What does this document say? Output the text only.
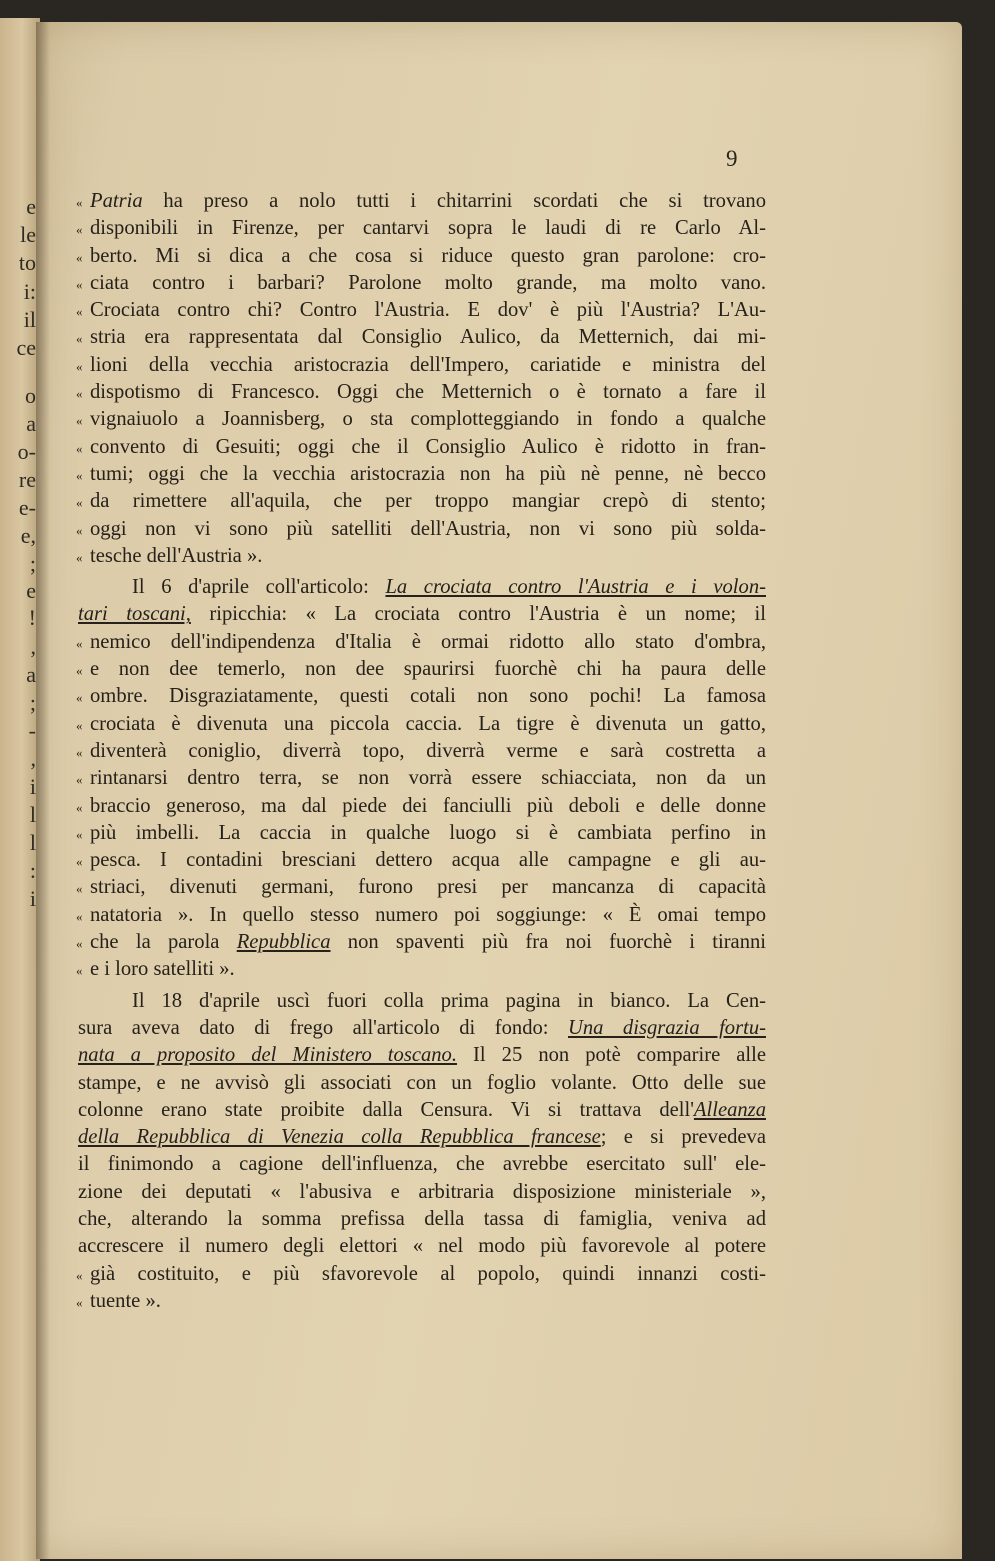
e
le
to
i:
il
ce
o
a
o-
re
e-
e,
;
e
!
,
a
;
-
,
i
l
l
:
i
9
« Patria ha preso a nolo tutti i chitarrini scordati che si trovano
« disponibili in Firenze, per cantarvi sopra le laudi di re Carlo Al-
« berto. Mi si dica a che cosa si riduce questo gran parolone: cro-
« ciata contro i barbari? Parolone molto grande, ma molto vano.
« Crociata contro chi? Contro l'Austria. E dov' è più l'Austria? L'Au-
« stria era rappresentata dal Consiglio Aulico, da Metternich, dai mi-
« lioni della vecchia aristocrazia dell'Impero, cariatide e ministra del
« dispotismo di Francesco. Oggi che Metternich o è tornato a fare il
« vignaiuolo a Joannisberg, o sta complotteggiando in fondo a qualche
« convento di Gesuiti; oggi che il Consiglio Aulico è ridotto in fran-
« tumi; oggi che la vecchia aristocrazia non ha più nè penne, nè becco
« da rimettere all'aquila, che per troppo mangiar crepò di stento;
« oggi non vi sono più satelliti dell'Austria, non vi sono più solda-
« tesche dell'Austria ».
Il 6 d'aprile coll'articolo: La crociata contro l'Austria e i volon-
tari toscani, ripicchia: « La crociata contro l'Austria è un nome; il
« nemico dell'indipendenza d'Italia è ormai ridotto allo stato d'ombra,
« e non dee temerlo, non dee spaurirsi fuorchè chi ha paura delle
« ombre. Disgraziatamente, questi cotali non sono pochi! La famosa
« crociata è divenuta una piccola caccia. La tigre è divenuta un gatto,
« diventerà coniglio, diverrà topo, diverrà verme e sarà costretta a
« rintanarsi dentro terra, se non vorrà essere schiacciata, non da un
« braccio generoso, ma dal piede dei fanciulli più deboli e delle donne
« più imbelli. La caccia in qualche luogo si è cambiata perfino in
« pesca. I contadini bresciani dettero acqua alle campagne e gli au-
« striaci, divenuti germani, furono presi per mancanza di capacità
« natatoria ». In quello stesso numero poi soggiunge: « È omai tempo
« che la parola Repubblica non spaventi più fra noi fuorchè i tiranni
« e i loro satelliti ».
Il 18 d'aprile uscì fuori colla prima pagina in bianco. La Cen-
sura aveva dato di frego all'articolo di fondo: Una disgrazia fortu-
nata a proposito del Ministero toscano. Il 25 non potè comparire alle
stampe, e ne avvisò gli associati con un foglio volante. Otto delle sue
colonne erano state proibite dalla Censura. Vi si trattava dell'Alleanza
della Repubblica di Venezia colla Repubblica francese; e si prevedeva
il finimondo a cagione dell'influenza, che avrebbe esercitato sull' ele-
zione dei deputati « l'abusiva e arbitraria disposizione ministeriale »,
che, alterando la somma prefissa della tassa di famiglia, veniva ad
accrescere il numero degli elettori « nel modo più favorevole al potere
« già costituito, e più sfavorevole al popolo, quindi innanzi costi-
« tuente ».
